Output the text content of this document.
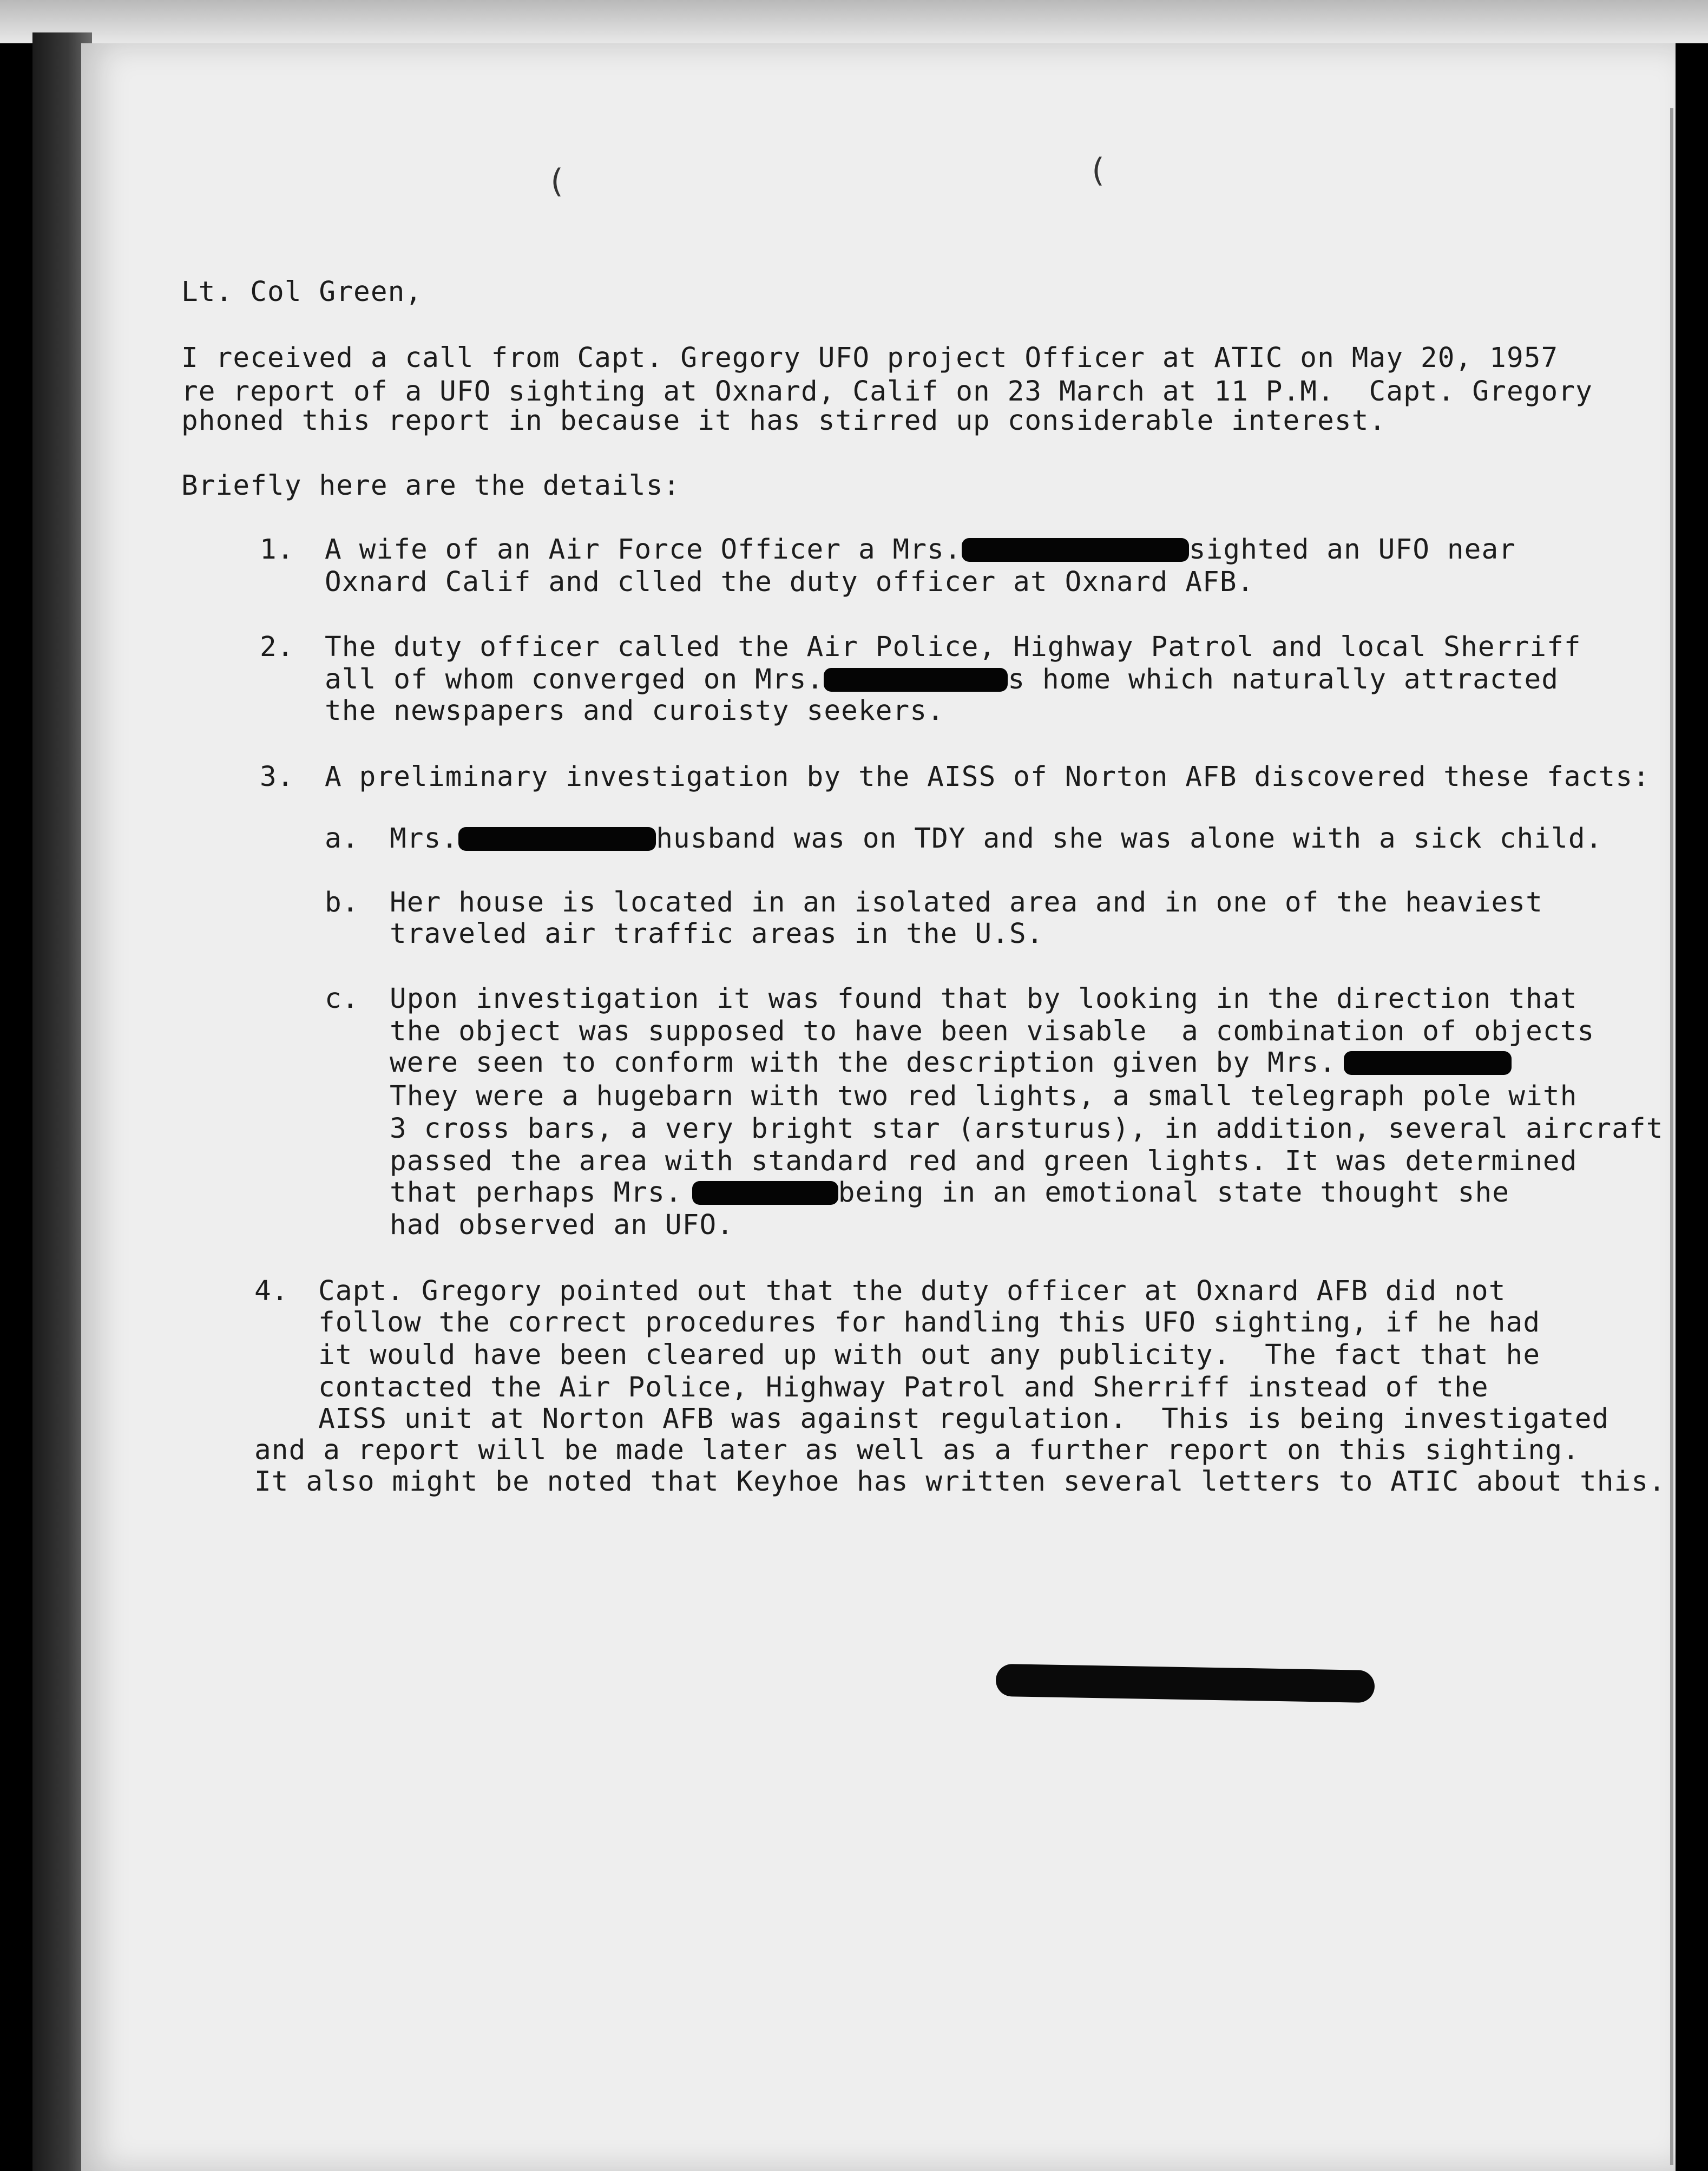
(	(
Lt. Col Green,
I received a call from Capt. Gregory UFO project Officer at ATIC on May 20, 1957
re report of a UFO sighting at Oxnard, Calif on 23 March at 11 P.M.  Capt. Gregory
phoned this report in because it has stirred up considerable interest.
Briefly here are the details:
1. A wife of an Air Force Officer a Mrs.	sighted an UFO near
Oxnard Calif and clled the duty officer at Oxnard AFB.
2. The duty officer called the Air Police, Highway Patrol and local Sherriff
all of whom converged on Mrs.	s home which naturally attracted
the newspapers and curoisty seekers.
3. A preliminary investigation by the AISS of Norton AFB discovered these facts:
a. Mrs.	husband was on TDY and she was alone with a sick child.
b. Her house is located in an isolated area and in one of the heaviest
traveled air traffic areas in the U.S.
c. Upon investigation it was found that by looking in the direction that
the object was supposed to have been visable  a combination of objects
were seen to conform with the description given by Mrs.
They were a hugebarn with two red lights, a small telegraph pole with
3 cross bars, a very bright star (arsturus), in addition, several aircraft
passed the area with standard red and green lights. It was determined
that perhaps Mrs.	being in an emotional state thought she
had observed an UFO.
4. Capt. Gregory pointed out that the duty officer at Oxnard AFB did not
follow the correct procedures for handling this UFO sighting, if he had
it would have been cleared up with out any publicity.  The fact that he
contacted the Air Police, Highway Patrol and Sherriff instead of the
AISS unit at Norton AFB was against regulation.  This is being investigated
and a report will be made later as well as a further report on this sighting.
It also might be noted that Keyhoe has written several letters to ATIC about this.
